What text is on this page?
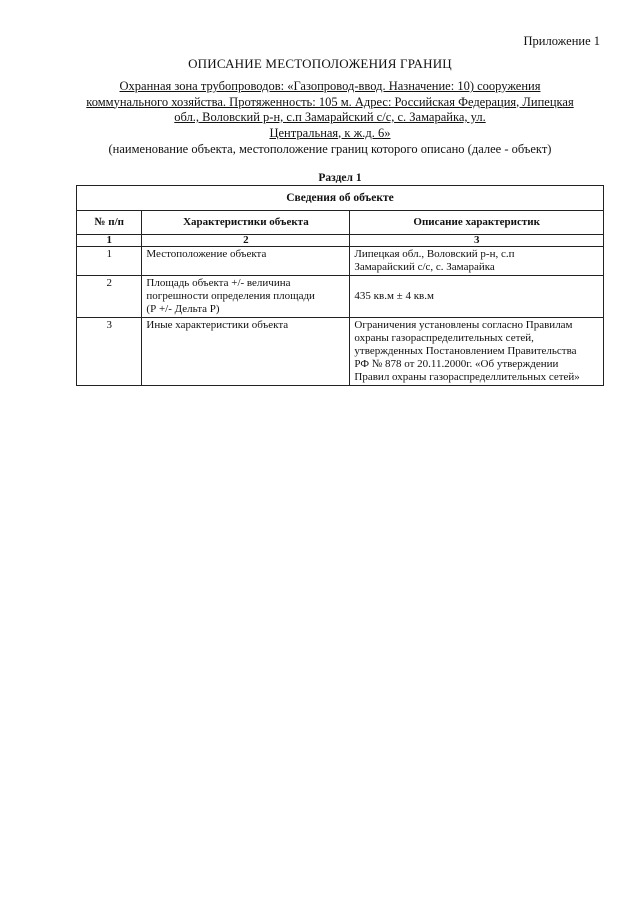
Приложение 1
ОПИСАНИЕ МЕСТОПОЛОЖЕНИЯ ГРАНИЦ
Охранная зона трубопроводов: «Газопровод-ввод. Назначение: 10) сооружения
коммунального хозяйства. Протяженность: 105 м. Адрес: Российская Федерация, Липецкая
обл., Воловский р-н, с.п Замарайский с/с, с. Замарайка, ул.
Центральная, к ж.д. 6»
(наименование объекта, местоположение границ которого описано (далее - объект)
Раздел 1
Сведения об объекте		
№ п/п	Характеристики объекта	Описание характеристик
1	2	3
1	Местоположение объекта	Липецкая обл., Воловский р-н, с.п
Замарайский с/с, с. Замарайка

2	Площадь объекта +/- величина
погрешности определения площади
(Р +/- Дельта Р)	435 кв.м ± 4 кв.м
3	Иные характеристики объекта	Ограничения установлены согласно Правилам
охраны газораспределительных сетей,
утвержденных Постановлением Правительства
РФ № 878 от 20.11.2000г. «Об утверждении
Правил охраны газораспределлительных сетей»
